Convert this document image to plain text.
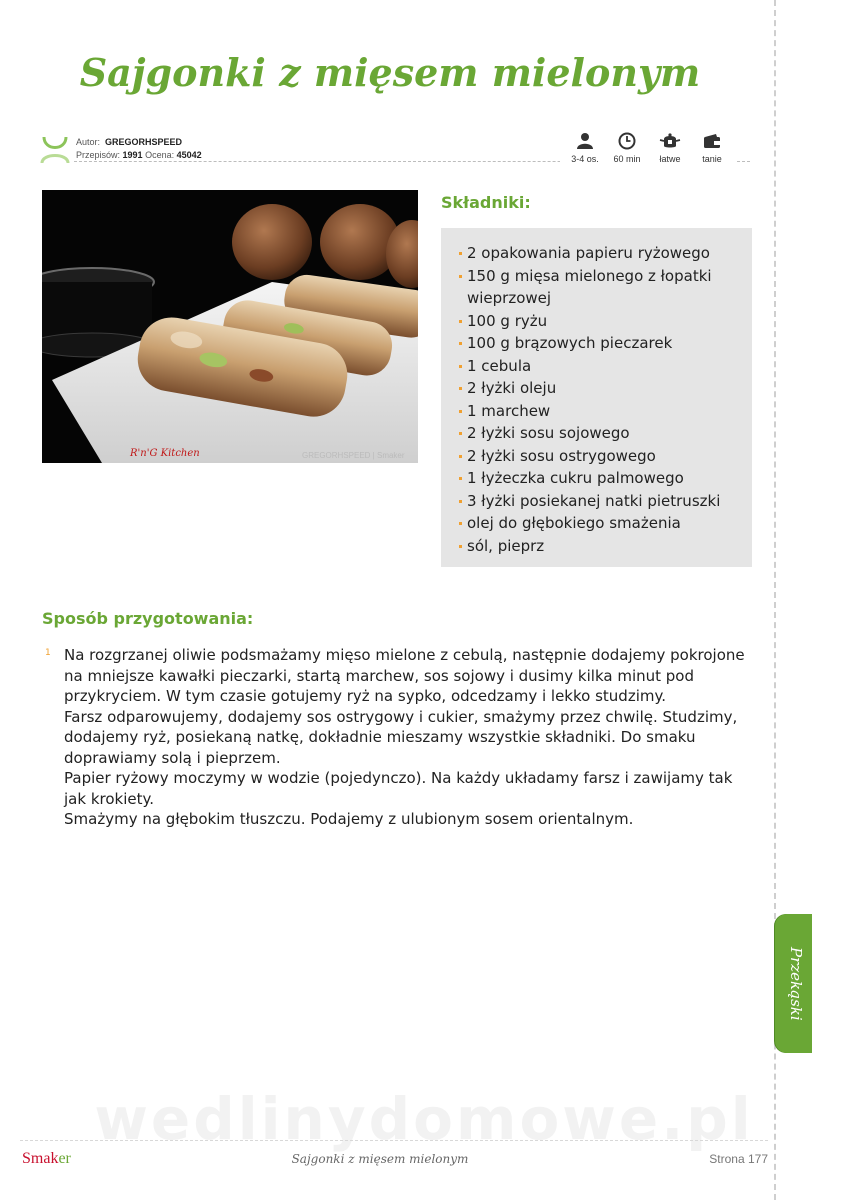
Sajgonki z mięsem mielonym
Autor: GREGORHSPEED
Przepisów: 1991 Ocena: 45042	3-4 os.	60 min	łatwe	tanie
R'n'G Kitchen	GREGORHSPEED | Smaker
Składniki:
2 opakowania papieru ryżowego
150 g mięsa mielonego z łopatki wieprzowej
100 g ryżu
100 g brązowych pieczarek
1 cebula
2 łyżki oleju
1 marchew
2 łyżki sosu sojowego
2 łyżki sosu ostrygowego
1 łyżeczka cukru palmowego
3 łyżki posiekanej natki pietruszki
olej do głębokiego smażenia
sól, pieprz
Sposób przygotowania:
1 Na rozgrzanej oliwie podsmażamy mięso mielone z cebulą, następnie dodajemy pokrojone na mniejsze kawałki pieczarki, startą marchew, sos sojowy i dusimy kilka minut pod przykryciem. W tym czasie gotujemy ryż na sypko, odcedzamy i lekko studzimy.

Farsz odparowujemy, dodajemy sos ostrygowy i cukier, smażymy przez chwilę. Studzimy, dodajemy ryż, posiekaną natkę, dokładnie mieszamy wszystkie składniki. Do smaku doprawiamy solą i pieprzem.

Papier ryżowy moczymy w wodzie (pojedynczo). Na każdy układamy farsz i zawijamy tak jak krokiety.

Smażymy na głębokim tłuszczu. Podajemy z ulubionym sosem orientalnym.

Przekąski
wedlinydomowe.pl
Smaker	Sajgonki z mięsem mielonym	Strona 177
